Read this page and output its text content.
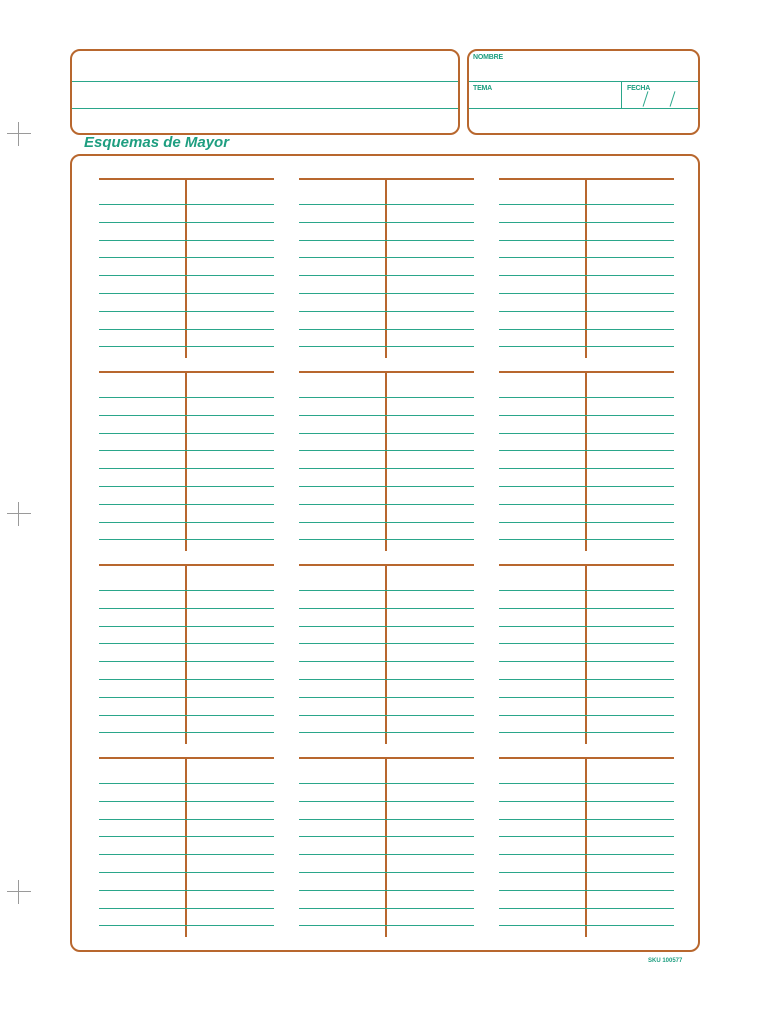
NOMBRE
TEMA	FECHA
Esquemas de Mayor
SKU 100577
